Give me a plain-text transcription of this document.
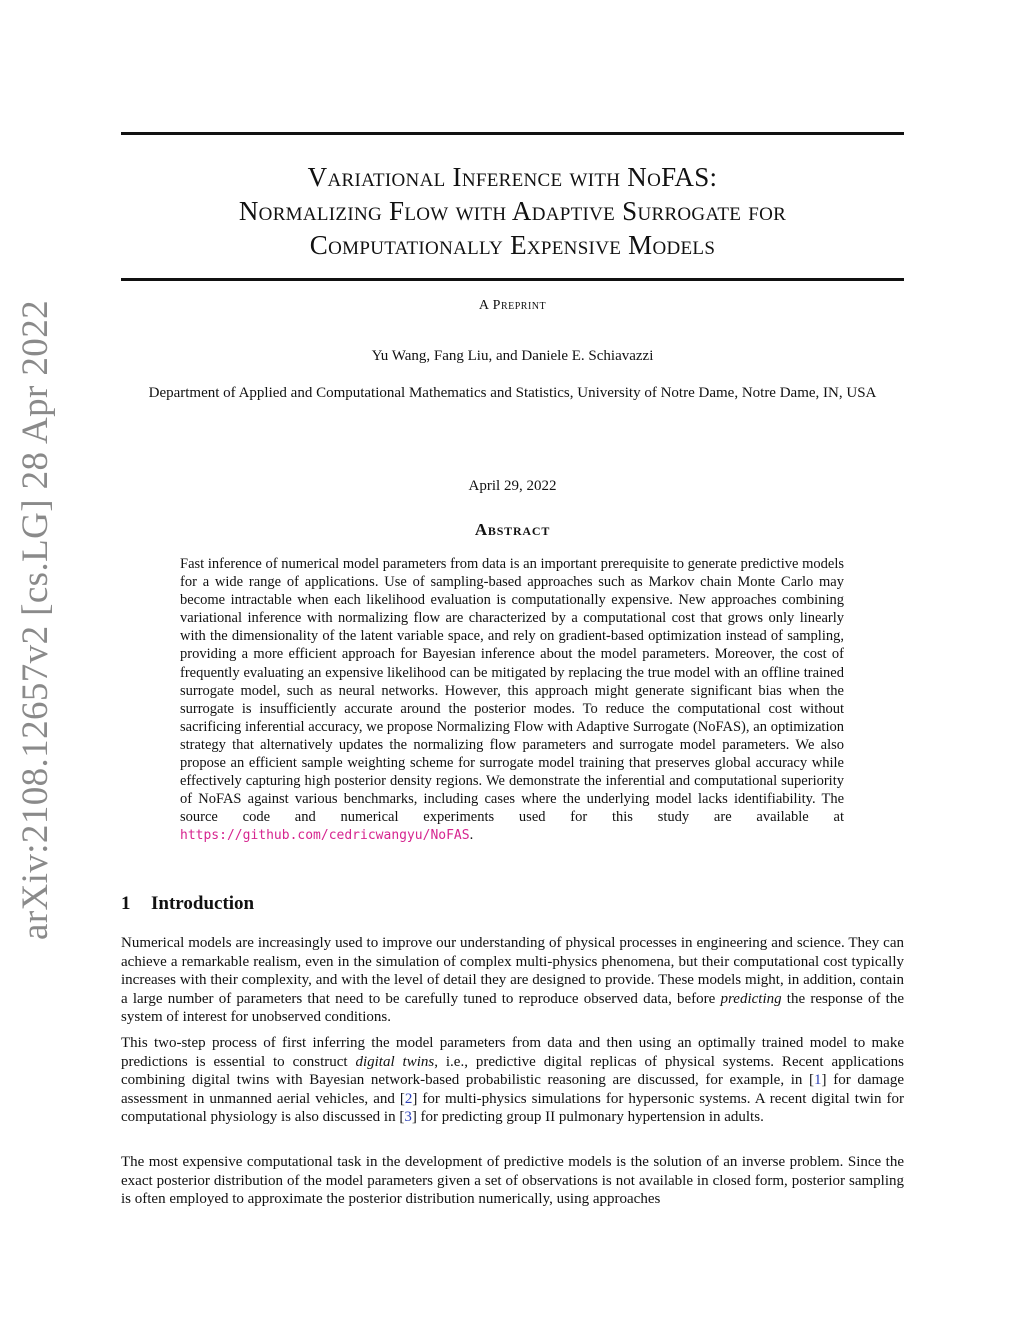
arXiv:2108.12657v2 [cs.LG] 28 Apr 2022
Variational Inference with NoFAS:
Normalizing Flow with Adaptive Surrogate for
Computationally Expensive Models
A Preprint
Yu Wang, Fang Liu, and Daniele E. Schiavazzi
Department of Applied and Computational Mathematics and Statistics, University of Notre Dame, Notre Dame, IN, USA
April 29, 2022
Abstract

Fast inference of numerical model parameters from data is an important prerequisite to generate predictive models for a wide range of applications. Use of sampling-based approaches such as Markov chain Monte Carlo may become intractable when each likelihood evaluation is computationally expensive. New approaches combining variational inference with normalizing flow are characterized by a computational cost that grows only linearly with the dimensionality of the latent variable space, and rely on gradient-based optimization instead of sampling, providing a more efficient approach for Bayesian inference about the model parameters. Moreover, the cost of frequently evaluating an expensive likelihood can be mitigated by replacing the true model with an offline trained surrogate model, such as neural networks. However, this approach might generate significant bias when the surrogate is insufficiently accurate around the posterior modes. To reduce the computational cost without sacrificing inferential accuracy, we propose Normalizing Flow with Adaptive Surrogate (NoFAS), an optimization strategy that alternatively updates the normalizing flow parameters and surrogate model parameters. We also propose an efficient sample weighting scheme for surrogate model training that preserves global accuracy while effectively capturing high posterior density regions. We demonstrate the inferential and computational superiority of NoFAS against various benchmarks, including cases where the underlying model lacks identifiability. The source code and numerical experiments used for this study are available at https://github.com/cedricwangyu/NoFAS.

1 Introduction

Numerical models are increasingly used to improve our understanding of physical processes in engineering and science. They can achieve a remarkable realism, even in the simulation of complex multi-physics phenomena, but their computational cost typically increases with their complexity, and with the level of detail they are designed to provide. These models might, in addition, contain a large number of parameters that need to be carefully tuned to reproduce observed data, before predicting the response of the system of interest for unobserved conditions.

This two-step process of first inferring the model parameters from data and then using an optimally trained model to make predictions is essential to construct digital twins, i.e., predictive digital replicas of physical systems. Recent applications combining digital twins with Bayesian network-based probabilistic reasoning are discussed, for example, in [1] for damage assessment in unmanned aerial vehicles, and [2] for multi-physics simulations for hypersonic systems. A recent digital twin for computational physiology is also discussed in [3] for predicting group II pulmonary hypertension in adults.

The most expensive computational task in the development of predictive models is the solution of an inverse problem. Since the exact posterior distribution of the model parameters given a set of observations is not available in closed form, posterior sampling is often employed to approximate the posterior distribution numerically, using approaches
